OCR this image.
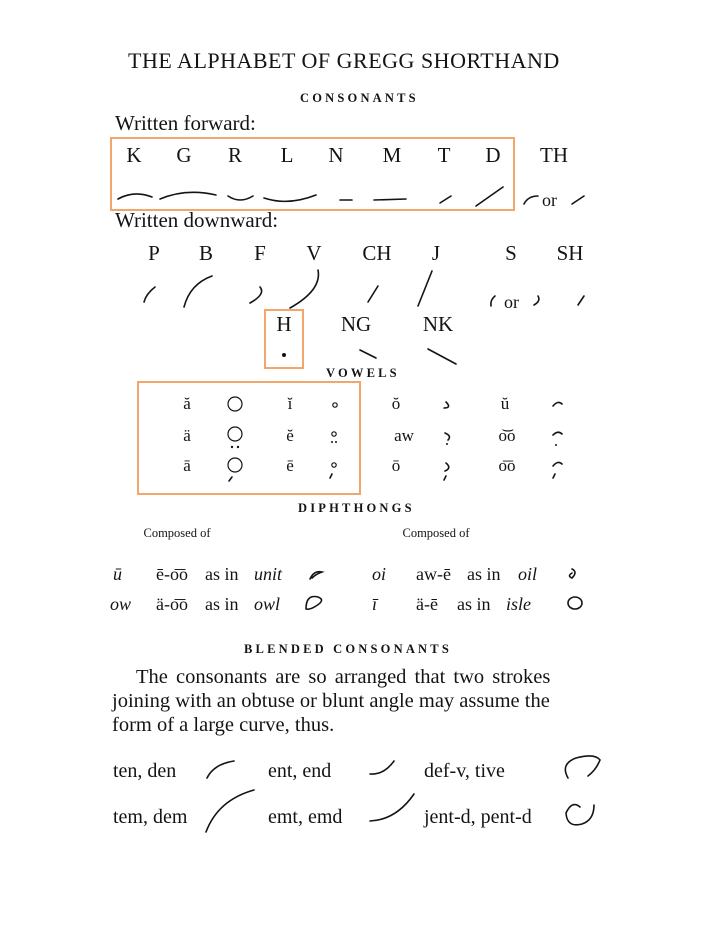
THE ALPHABET OF GREGG SHORTHAND
CONSONANTS
Written forward:
K	G	R	L	N	M	T	D	TH
or
Written downward:
P	B	F	V	CH	J	S	SH
or
H	NG NK
VOWELS
ă	ĭ	ŏ	ŭ
ä	ĕ	aw	o͝o
ā	ē	ō	o͞o
DIPHTHONGS
Composed of	Composed of
ū ē-o͞o as in unit	oi aw-ē as in oil
ow ä-o͞o as in owl	ī ä-ē as in isle
BLENDED CONSONANTS
The consonants are so arranged that two strokes
joining with an obtuse or blunt angle may assume the
form of a large curve, thus.
ten, den	ent, end	def-v, tive
tem, dem	emt, emd	jent-d, pent-d
